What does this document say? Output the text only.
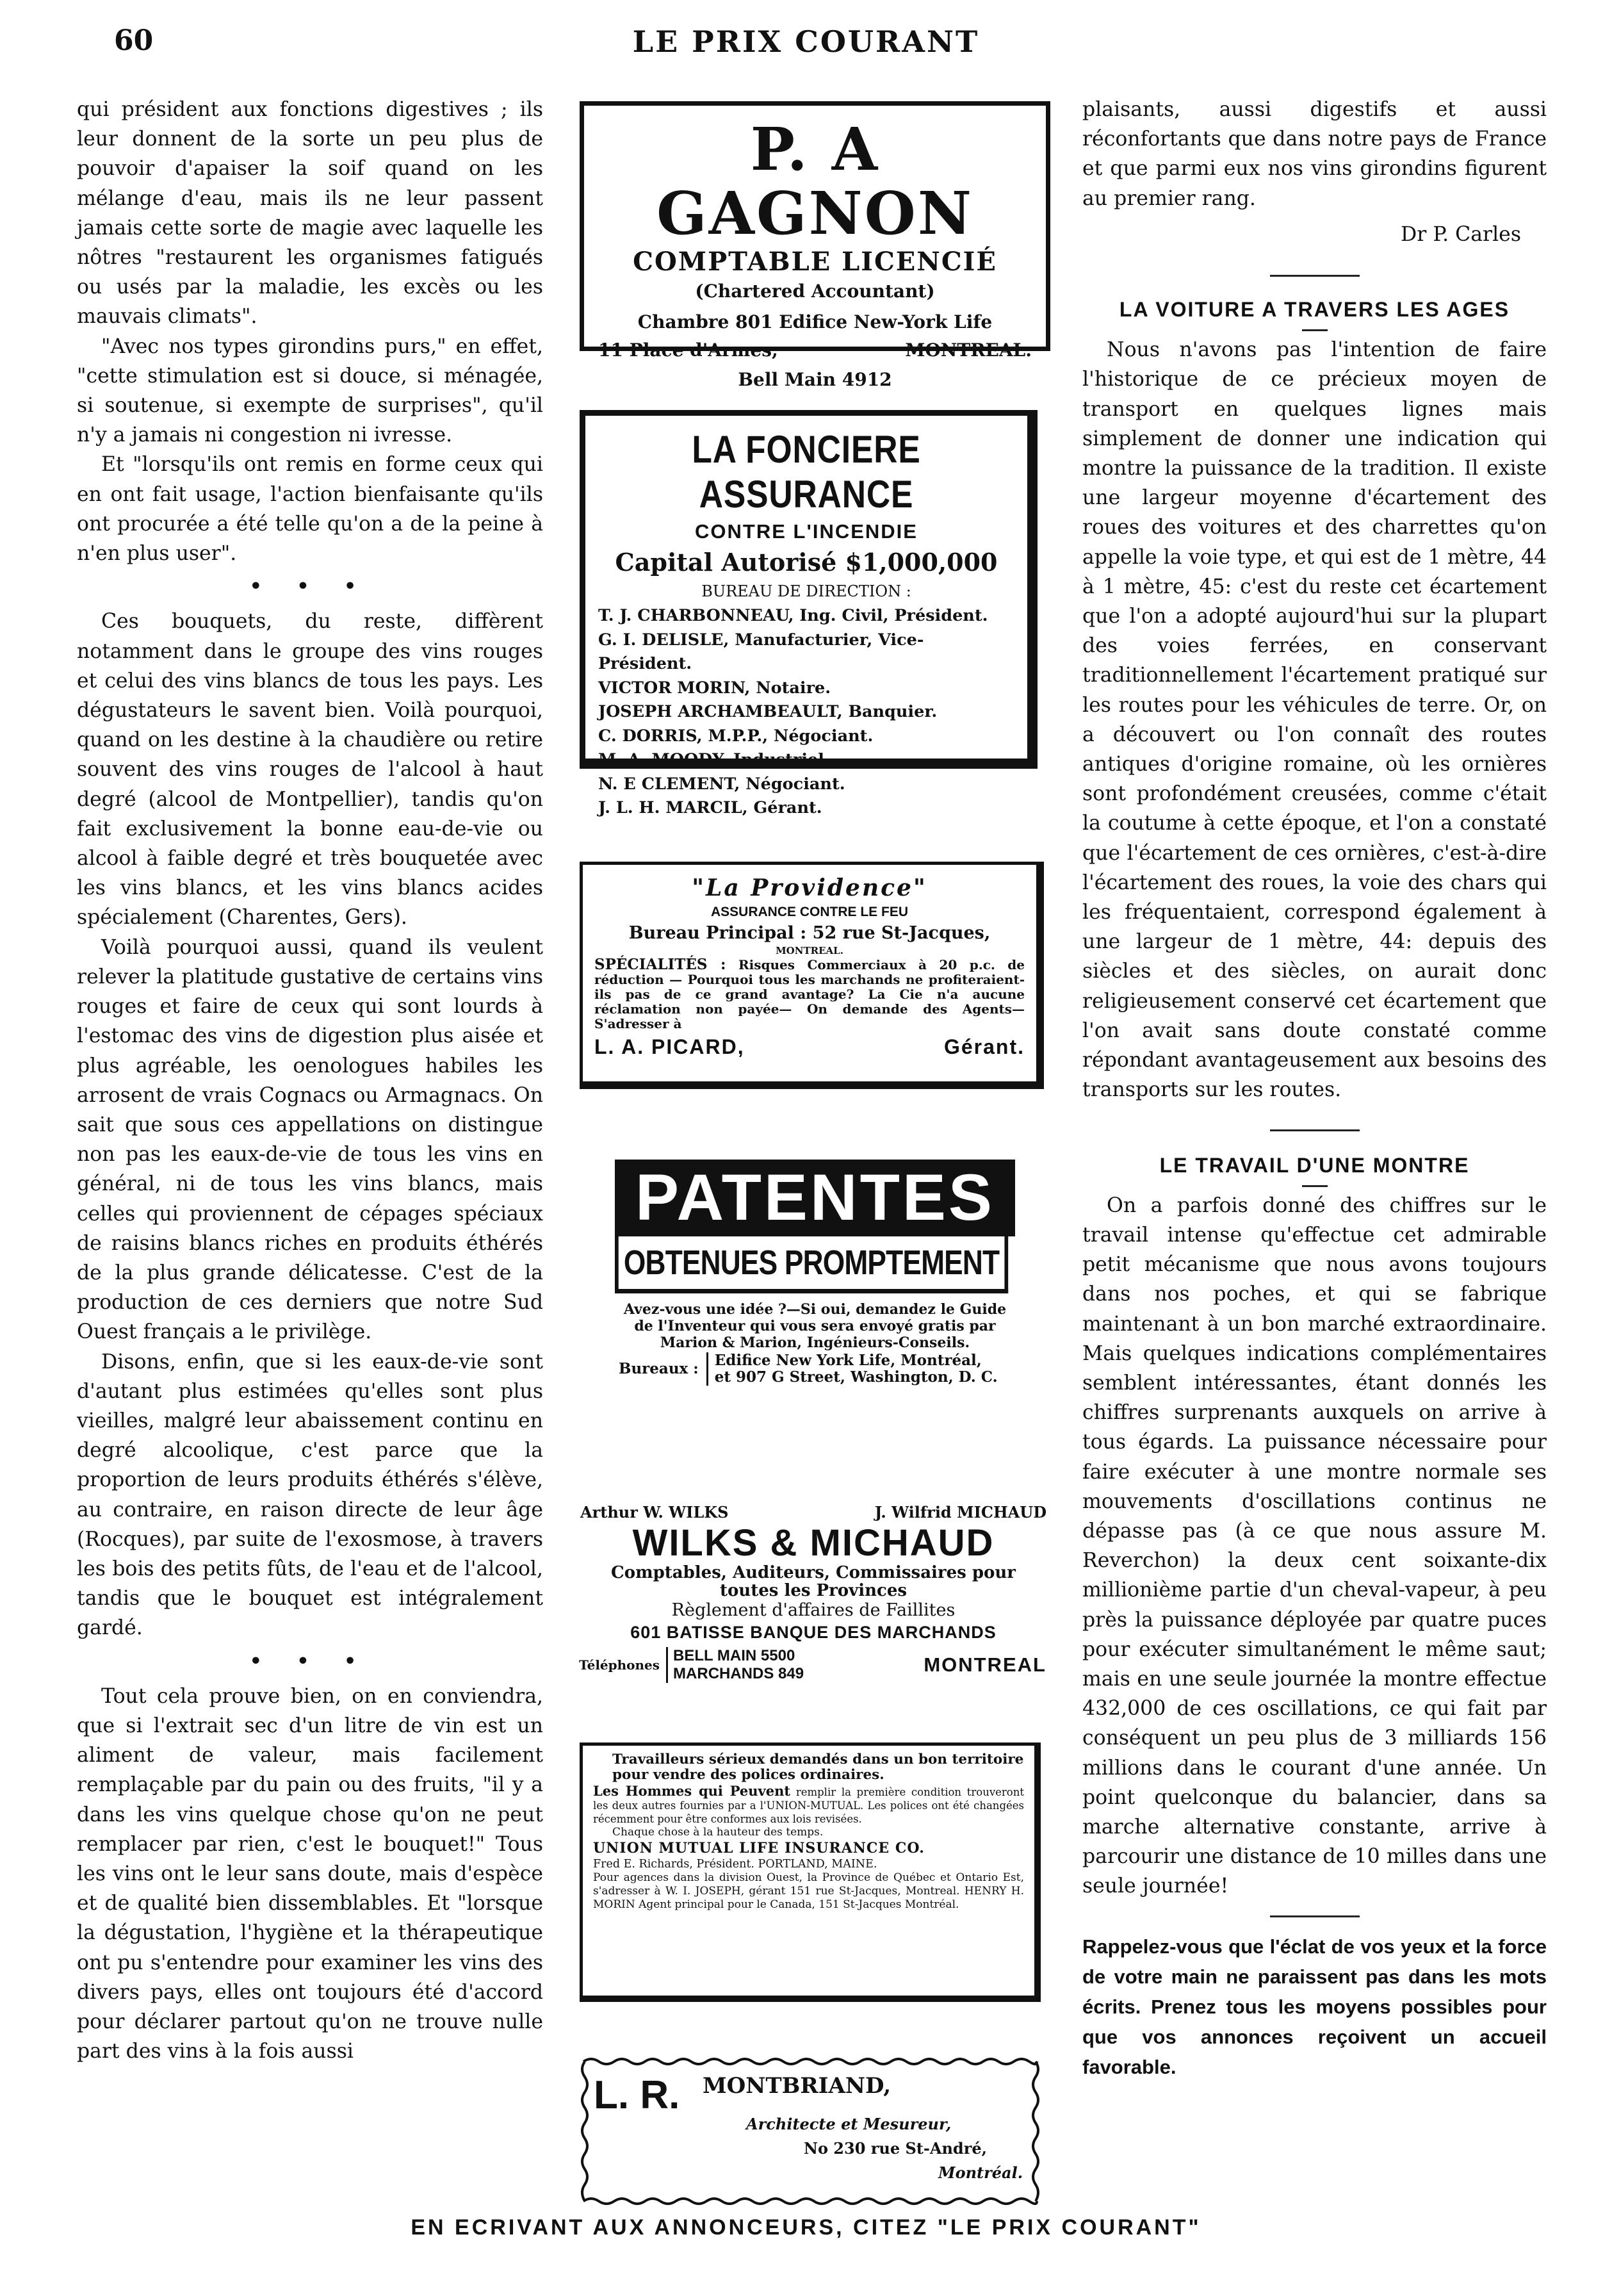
60	LE PRIX COURANT

qui président aux fonctions digestives ; ils leur donnent de la sorte un peu plus de pouvoir d'apaiser la soif quand on les mélange d'eau, mais ils ne leur passent jamais cette sorte de magie avec laquelle les nôtres "restaurent les organismes fatigués ou usés par la maladie, les excès ou les mauvais climats".

"Avec nos types girondins purs," en effet, "cette stimulation est si douce, si ménagée, si soutenue, si exempte de surprises", qu'il n'y a jamais ni congestion ni ivresse.

Et "lorsqu'ils ont remis en forme ceux qui en ont fait usage, l'action bienfaisante qu'ils ont procurée a été telle qu'on a de la peine à n'en plus user".

• • •

Ces bouquets, du reste, diffèrent notamment dans le groupe des vins rouges et celui des vins blancs de tous les pays. Les dégustateurs le savent bien. Voilà pourquoi, quand on les destine à la chaudière ou retire souvent des vins rouges de l'alcool à haut degré (alcool de Montpellier), tandis qu'on fait exclusivement la bonne eau-de-vie ou alcool à faible degré et très bouquetée avec les vins blancs, et les vins blancs acides spécialement (Charentes, Gers).

Voilà pourquoi aussi, quand ils veulent relever la platitude gustative de certains vins rouges et faire de ceux qui sont lourds à l'estomac des vins de digestion plus aisée et plus agréable, les oenologues habiles les arrosent de vrais Cognacs ou Armagnacs. On sait que sous ces appellations on distingue non pas les eaux-de-vie de tous les vins en général, ni de tous les vins blancs, mais celles qui proviennent de cépages spéciaux de raisins blancs riches en produits éthérés de la plus grande délicatesse. C'est de la production de ces derniers que notre Sud Ouest français a le privilège.

Disons, enfin, que si les eaux-de-vie sont d'autant plus estimées qu'elles sont plus vieilles, malgré leur abaissement continu en degré alcoolique, c'est parce que la proportion de leurs produits éthérés s'élève, au contraire, en raison directe de leur âge (Rocques), par suite de l'exosmose, à travers les bois des petits fûts, de l'eau et de l'alcool, tandis que le bouquet est intégralement gardé.

• • •

Tout cela prouve bien, on en conviendra, que si l'extrait sec d'un litre de vin est un aliment de valeur, mais facilement remplaçable par du pain ou des fruits, "il y a dans les vins quelque chose qu'on ne peut remplacer par rien, c'est le bouquet!" Tous les vins ont le leur sans doute, mais d'espèce et de qualité bien dissemblables. Et "lorsque la dégustation, l'hygiène et la thérapeutique ont pu s'entendre pour examiner les vins des divers pays, elles ont toujours été d'accord pour déclarer partout qu'on ne trouve nulle part des vins à la fois aussi

P. A GAGNON
COMPTABLE LICENCIÉ
(Chartered Accountant)
Chambre 801 Edifice New-York Life
11 Place d'Armes,	MONTREAL.
Bell Main 4912
LA FONCIERE ASSURANCE
CONTRE L'INCENDIE
Capital Autorisé $1,000,000
BUREAU DE DIRECTION :
T. J. CHARBONNEAU, Ing. Civil, Président.
G. I. DELISLE, Manufacturier, Vice-Président.
VICTOR MORIN, Notaire.
JOSEPH ARCHAMBEAULT, Banquier.
C. DORRIS, M.P.P., Négociant.
M. A. MOODY, Industriel.
N. E CLEMENT, Négociant.
J. L. H. MARCIL, Gérant.
"La Providence"
ASSURANCE CONTRE LE FEU
Bureau Principal : 52 rue St-Jacques,
MONTREAL.
SPÉCIALITÉS : Risques Commerciaux à 20 p.c. de réduction — Pourquoi tous les marchands ne profiteraient-ils pas de ce grand avantage? La Cie n'a aucune réclamation non payée— On demande des Agents— S'adresser à
L. A. PICARD,	Gérant.
PATENTES
OBTENUES PROMPTEMENT
Avez-vous une idée ?—Si oui, demandez le Guide de l'Inventeur qui vous sera envoyé gratis par Marion & Marion, Ingénieurs-Conseils.
Bureaux : Edifice New York Life, Montréal,
et 907 G Street, Washington, D. C.
Arthur W. WILKS	J. Wilfrid MICHAUD
WILKS & MICHAUD
Comptables, Auditeurs, Commissaires pour toutes les Provinces
Règlement d'affaires de Faillites
601 BATISSE BANQUE DES MARCHANDS
Téléphones
BELL MAIN 5500
MARCHANDS 849	MONTREAL
Travailleurs sérieux demandés dans un bon territoire pour vendre des polices ordinaires.
Les Hommes qui Peuvent remplir la première condition trouveront les deux autres fournies par a l'UNION-MUTUAL. Les polices ont été changées récemment pour être conformes aux lois revisées.
Chaque chose à la hauteur des temps.
UNION MUTUAL LIFE INSURANCE CO.
Fred E. Richards, Président. PORTLAND, MAINE.
Pour agences dans la division Ouest, la Province de Québec et Ontario Est, s'adresser à W. I. JOSEPH, gérant 151 rue St-Jacques, Montreal. HENRY H. MORIN Agent principal pour le Canada, 151 St-Jacques Montréal.
L. R. MONTBRIAND,
Architecte et Mesureur,
No 230 rue St-André,
Montréal.

plaisants, aussi digestifs et aussi réconfortants que dans notre pays de France et que parmi eux nos vins girondins figurent au premier rang.

Dr P. Carles

LA VOITURE A TRAVERS LES AGES

Nous n'avons pas l'intention de faire l'historique de ce précieux moyen de transport en quelques lignes mais simplement de donner une indication qui montre la puissance de la tradition. Il existe une largeur moyenne d'écartement des roues des voitures et des charrettes qu'on appelle la voie type, et qui est de 1 mètre, 44 à 1 mètre, 45: c'est du reste cet écartement que l'on a adopté aujourd'hui sur la plupart des voies ferrées, en conservant traditionnellement l'écartement pratiqué sur les routes pour les véhicules de terre. Or, on a découvert ou l'on connaît des routes antiques d'origine romaine, où les ornières sont profondément creusées, comme c'était la coutume à cette époque, et l'on a constaté que l'écartement de ces ornières, c'est-à-dire l'écartement des roues, la voie des chars qui les fréquentaient, correspond également à une largeur de 1 mètre, 44: depuis des siècles et des siècles, on aurait donc religieusement conservé cet écartement que l'on avait sans doute constaté comme répondant avantageusement aux besoins des transports sur les routes.

LE TRAVAIL D'UNE MONTRE

On a parfois donné des chiffres sur le travail intense qu'effectue cet admirable petit mécanisme que nous avons toujours dans nos poches, et qui se fabrique maintenant à un bon marché extraordinaire. Mais quelques indications complémentaires semblent intéressantes, étant donnés les chiffres surprenants auxquels on arrive à tous égards. La puissance nécessaire pour faire exécuter à une montre normale ses mouvements d'oscillations continus ne dépasse pas (à ce que nous assure M. Reverchon) la deux cent soixante-dix millionième partie d'un cheval-vapeur, à peu près la puissance déployée par quatre puces pour exécuter simultanément le même saut; mais en une seule journée la montre effectue 432,000 de ces oscillations, ce qui fait par conséquent un peu plus de 3 milliards 156 millions dans le courant d'une année. Un point quelconque du balancier, dans sa marche alternative constante, arrive à parcourir une distance de 10 milles dans une seule journée!

Rappelez-vous que l'éclat de vos yeux et la force de votre main ne paraissent pas dans les mots écrits. Prenez tous les moyens possibles pour que vos annonces reçoivent un accueil favorable.

EN ECRIVANT AUX ANNONCEURS, CITEZ "LE PRIX COURANT"
